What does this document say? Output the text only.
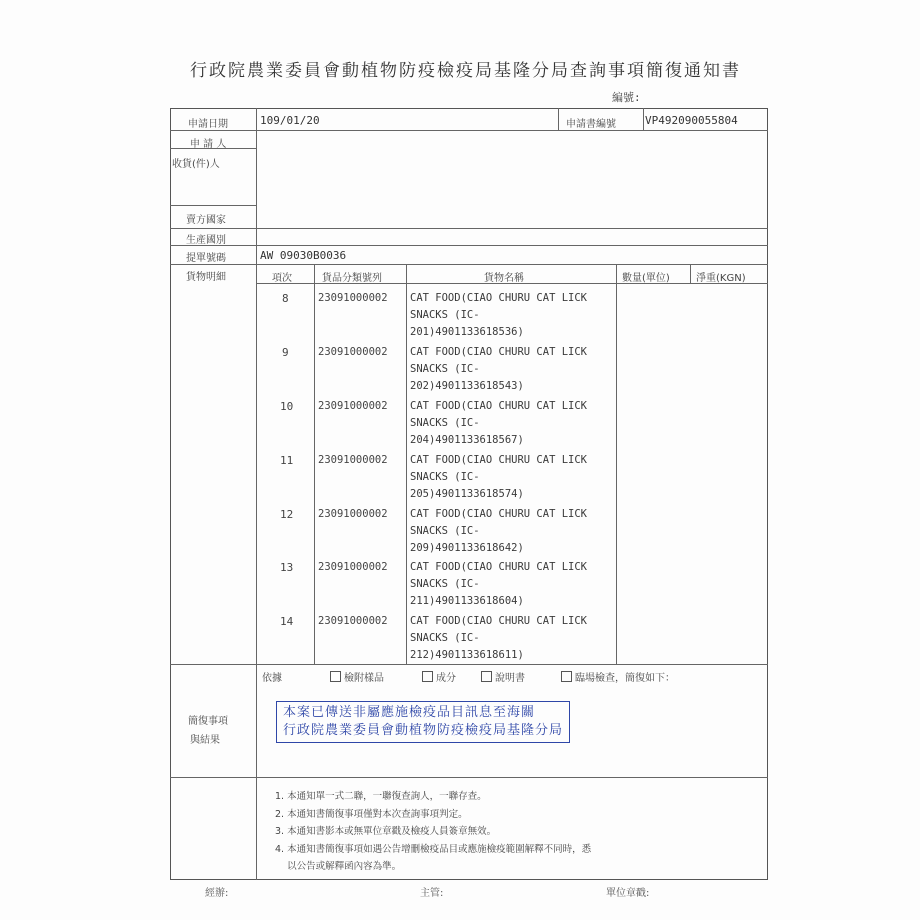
行政院農業委員會動植物防疫檢疫局基隆分局查詢事項簡復通知書
編號:
申請日期	109/01/20	申請書編號	VP492090055804
申 請 人
收貨(件)人
賣方國家
生產國別
提單號碼	AW 09030B0036
貨物明細	項次	貨品分類號列	貨物名稱	數量(單位)	淨重(KGN)
8	23091000002 CAT FOOD(CIAO CHURU CAT LICK
SNACKS (IC-
201)4901133618536)
9	23091000002 CAT FOOD(CIAO CHURU CAT LICK
SNACKS (IC-
202)4901133618543)
10 23091000002 CAT FOOD(CIAO CHURU CAT LICK
SNACKS (IC-
204)4901133618567)
11 23091000002 CAT FOOD(CIAO CHURU CAT LICK
SNACKS (IC-
205)4901133618574)
12 23091000002 CAT FOOD(CIAO CHURU CAT LICK
SNACKS (IC-
209)4901133618642)
13 23091000002 CAT FOOD(CIAO CHURU CAT LICK
SNACKS (IC-
211)4901133618604)
14 23091000002 CAT FOOD(CIAO CHURU CAT LICK
SNACKS (IC-
212)4901133618611)
依據	檢附樣品	成分	說明書	臨場檢查，簡復如下：
簡復事項
與結果
本案已傳送非屬應施檢疫品目訊息至海關
行政院農業委員會動植物防疫檢疫局基隆分局
1. 本通知單一式二聯，一聯復查詢人，一聯存查。
2. 本通知書簡復事項僅對本次查詢事項判定。
3. 本通知書影本或無單位章戳及檢疫人員簽章無效。
4. 本通知書簡復事項如遇公告增刪檢疫品目或應施檢疫範圍解釋不同時，悉
以公告或解釋函內容為準。
經辦:	主管:	單位章戳:
